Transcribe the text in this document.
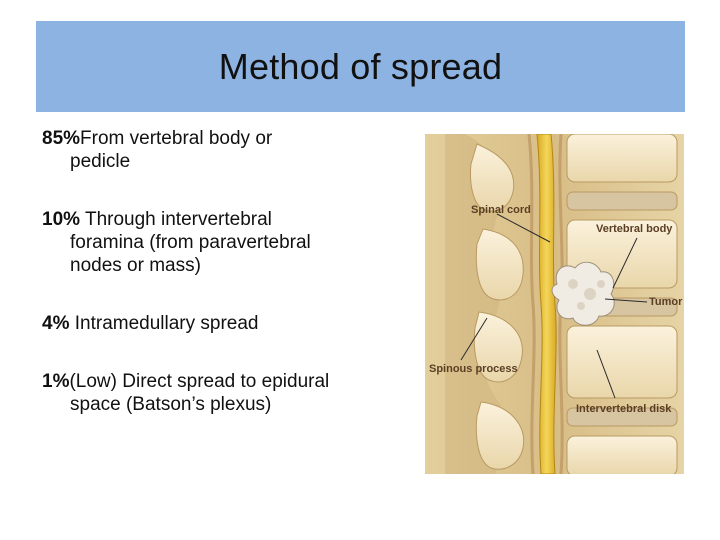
Method of spread
85%From vertebral body or pedicle
10% Through intervertebral foramina (from paravertebral nodes or mass)
4% Intramedullary spread
1%(Low) Direct spread to epidural space (Batson’s plexus)
Spinal cord
Vertebral body
Tumor
Spinous process
Intervertebral disk
